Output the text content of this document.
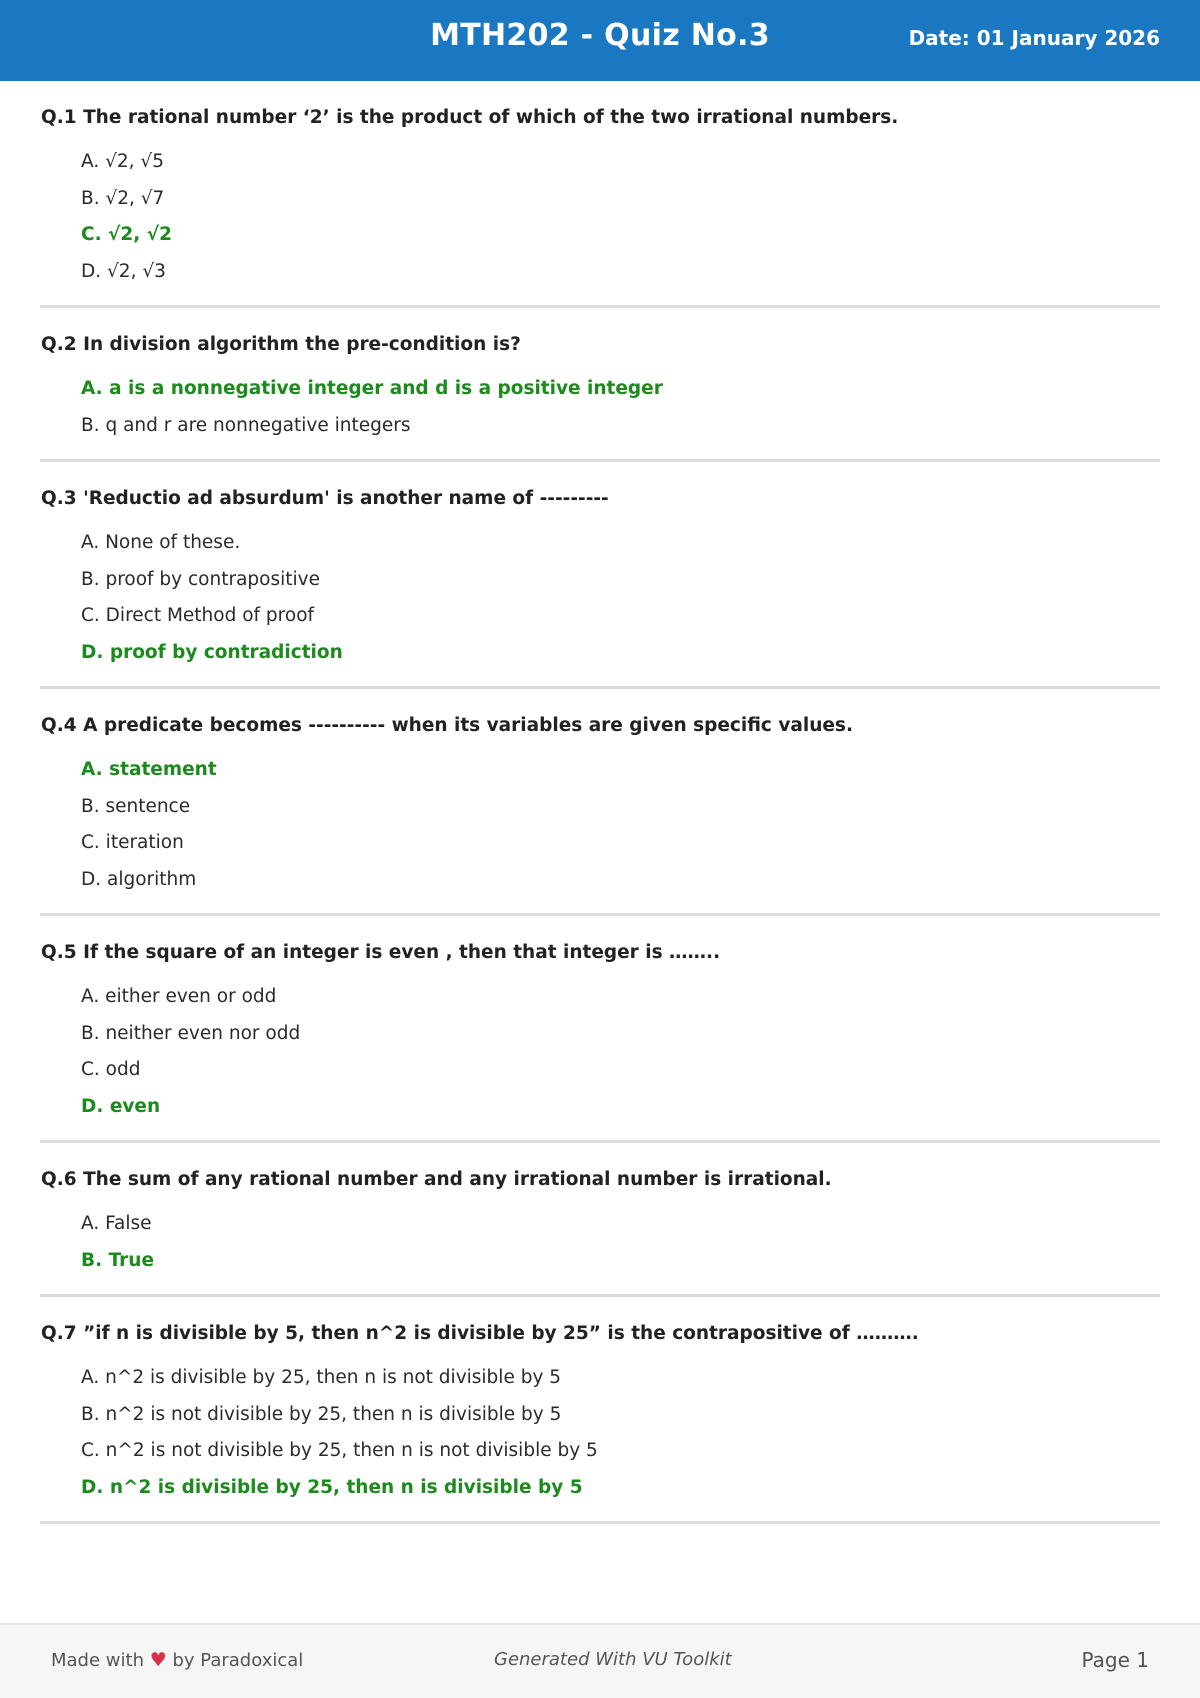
MTH202 - Quiz No.3	Date: 01 January 2026
Q.1 The rational number ‘2’ is the product of which of the two irrational numbers.
A. √2, √5
B. √2, √7
C. √2, √2
D. √2, √3
Q.2 In division algorithm the pre-condition is?
A. a is a nonnegative integer and d is a positive integer
B. q and r are nonnegative integers
Q.3 'Reductio ad absurdum' is another name of ---------
A. None of these.
B. proof by contrapositive
C. Direct Method of proof
D. proof by contradiction
Q.4 A predicate becomes ---------- when its variables are given specific values.
A. statement
B. sentence
C. iteration
D. algorithm
Q.5 If the square of an integer is even , then that integer is ……..
A. either even or odd
B. neither even nor odd
C. odd
D. even
Q.6 The sum of any rational number and any irrational number is irrational.
A. False
B. True
Q.7 ”if n is divisible by 5, then n^2 is divisible by 25” is the contrapositive of ……….
A. n^2 is divisible by 25, then n is not divisible by 5
B. n^2 is not divisible by 25, then n is divisible by 5
C. n^2 is not divisible by 25, then n is not divisible by 5
D. n^2 is divisible by 25, then n is divisible by 5
Made with ♥ by Paradoxical	Generated With VU Toolkit	Page 1
